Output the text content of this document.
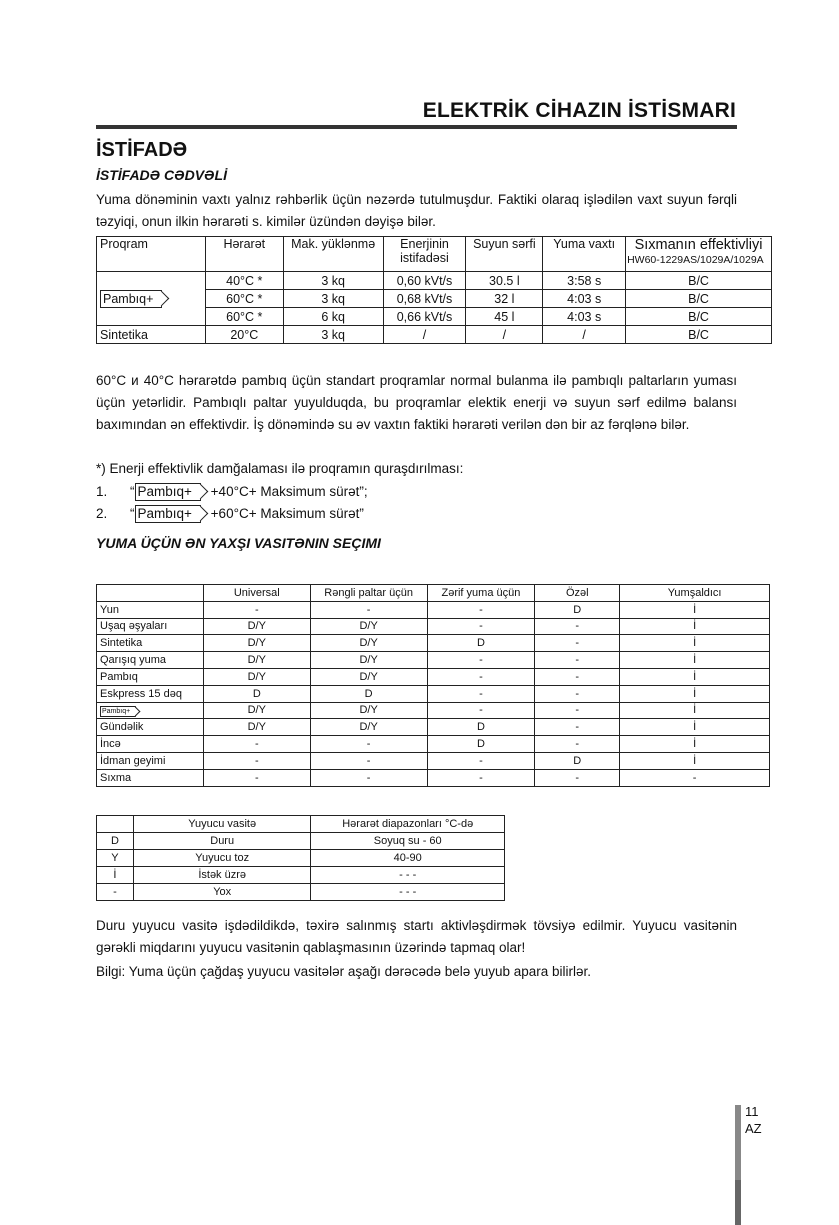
ELEKTRİK CİHAZIN İSTİSMARI
İSTİFADƏ
İSTİFADƏ CƏDVƏLİ
Yuma dönəminin vaxtı yalnız rəhbərlik üçün nəzərdə tutulmuşdur. Faktiki olaraq işlədilən vaxt suyun fərqli təzyiqi, onun ilkin hərarəti s. kimilər üzündən dəyişə bilər.
Proqram	Hərarət	Mak. yüklənmə	Enerjinin istifadəsi	Suyun sərfi	Yuma vaxtı	Sıxmanın effektivliyi
HW60-1229AS/1029A/1029A

Pambıq+	40°C *	3 kq	0,60 kVt/s	30.5 l	3:58 s	B/C
	60°C *	3 kq	0,68 kVt/s	32 l	4:03 s	B/C
	60°C *	6 kq	0,66 kVt/s	45 l	4:03 s	B/C
Sintetika	20°C	3 kq	/	/	/	B/C
60°C и 40°C hərarətdə pambıq üçün standart proqramlar normal bulanma ilə pambıqlı paltarların yuması üçün yetərlidir. Pambıqlı paltar yuyulduqda, bu proqramlar elektik enerji və suyun sərf edilmə balansı baxımından ən effektivdir. İş dönəmində su əv vaxtın faktiki hərarəti verilən dən bir az fərqlənə bilər.
*) Enerji effektivlik damğalaması ilə proqramın quraşdırılması:
1. “ Pambıq+ +40°C+ Maksimum sürət”;
2. “ Pambıq+ +60°C+ Maksimum sürət”
YUMA ÜÇÜN ƏN YAXŞI VASITƏNIN SEÇIMI
	Universal	Rəngli paltar üçün	Zərif yuma üçün	Özəl	Yumşaldıcı
Yun	-	-	-	D	İ
Uşaq əşyaları	D/Y	D/Y	-	-	İ
Sintetika	D/Y	D/Y	D	-	İ
Qarışıq yuma	D/Y	D/Y	-	-	İ
Pambıq	D/Y	D/Y	-	-	İ
Eskpress 15 dəq	D	D	-	-	İ
Pambıq+	D/Y	D/Y	-	-	İ
Gündəlik	D/Y	D/Y	D	-	İ
İncə	-	-	D	-	İ
İdman geyimi	-	-	-	D	İ
Sıxma	-	-	-	-	-
	Yuyucu vasitə	Hərarət diapazonları °C-də
D	Duru	Soyuq su - 60
Y	Yuyucu toz	40-90
İ	İstək üzrə	- - -
-	Yox	- - -
Duru yuyucu vasitə işdədildikdə, təxirə salınmış startı aktivləşdirmək tövsiyə edilmir. Yuyucu vasitənin gərəkli miqdarını yuyucu vasitənin qablaşmasının üzərində tapmaq olar!
Bilgi: Yuma üçün çağdaş yuyucu vasitələr aşağı dərəcədə belə yuyub apara bilirlər.
11
AZ
